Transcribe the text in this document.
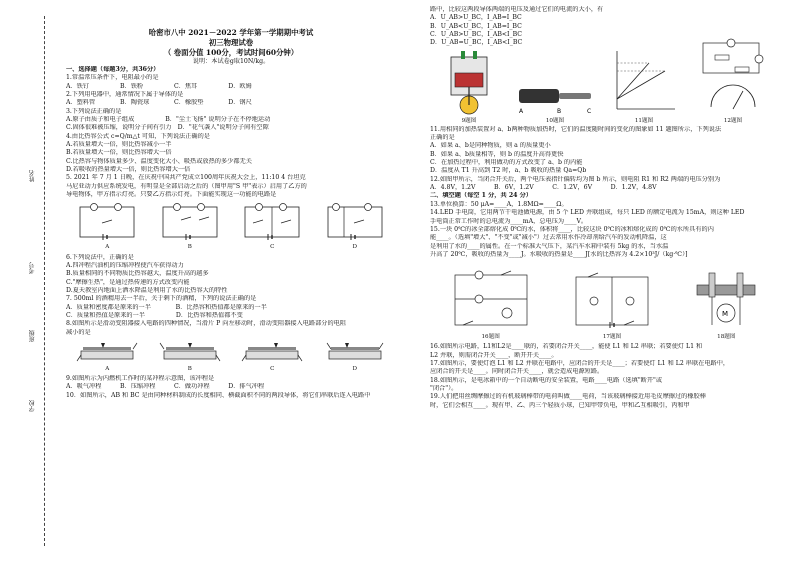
姓名
考号
班级
学校
哈密市八中 2021－2022 学年第一学期期中考试
初三物理试卷
（ 卷面分值 100分，考试时间60分钟）
说明：本试卷g取10N/kg。
一、选择题（每题3分，共36分）
1.常温常压条件下，电阻最小的是
A．铁钉　　　　　B．铁粉　　　　　C．焦耳　　　　　D．欧姆
2.下列用电器中，通常情况下属于导体的是
A．塑料管　　　　B．陶瓷球　　　　C．橡胶垫　　　　D．钢尺
3.下列说法正确的是
A.原子由质子和电子组成　　　　　B．"尘土飞扬" 说明分子在不停地运动
C.固体很难被压缩，说明分子间有引力　D．"花气袭人"说明分子间有空隙
4.由比热容公式 c=Q/m△t 可知，下列说法正确的是
A.若质量增大一倍，则比热容减小一半
B.若质量增大一倍，则比热容增大一倍
C.比热容与物体质量多少、温度变化大小、吸热或放热的多少都无关
D.若吸收的热量增大一倍，则比热容增大一倍
5. 2021 年 7 月 1 日晚，在庆祝中国共产党成立100周年庆祝大会上，11:10 4 台坦克
马尼亚动力供应系统发电，有明显是全部启动之后的（图甲用"S 甲"表示）启用了乙方的
导电物体，甲方指示灯亮。只要乙方指示灯亮。下面能实现这一功能的电路是
A	B	C	D
6.下列说法中，正确的是
A.四冲程汽油机的压缩冲程使汽车获得动力
B.质量相同的不同物质比热容越大，温度升高的越多
C."摩擦生热"，是通过热传递的方式改变内能
D.夏天教室内地面上洒水降温是利用了水的比热容大的特性
7. 500ml 的酒精用去一半后，关于剩下的酒精，下列的说法正确的是
A．质量和密度都是原来的一半　　　　B．比热容和热值都是原来的一半
C．质量和热值是原来的一半　　　　　D．比热容和热值都不变
8.如图所示是滑动变阻器接入电路的四种情况，当滑片 P 向左移动时，滑动变阻器接入电路部分的电阻
减小的是
A	B	C	D
9.如图所示为内燃机工作时的某冲程示意图，该冲程是
A．吸气冲程　　　B．压缩冲程　　　C．做功冲程　　　D．排气冲程
10．如图所示，AB 和 BC 是由同种材料制成的长度相同、横截面积不同的两段导体，将它们串联后连入电路中
路中，比较这两段导体两端的电压及通过它们的电流的大小，有
A．U_AB>U_BC，I_AB=I_BC
B．U_AB<U_BC，I_AB=I_BC
C．U_AB>U_BC，I_AB<I_BC
D．U_AB=U_BC，I_AB<I_BC
9题图
A	B	C
10题图	11题图	12题图
11.用相同的加热装置对 a、b两种物质加热时，它们的温度随时间的变化的图象如 11 题图所示，下列说法
正确的是
A．如果 a、b是同种物质，则 a 的质量更小
B．如果 a、b质量相等，则 b 的温度升高得更快
C．在加热过程中，利用做功的方式改变了 a、b 的内能
D．温度从 T1 升高到 T2 时，a、b 吸收的热量 Qa=Qb
12.如图甲所示，当闭合开关后，两个电压表指针偏转均为图 b 所示，则电阻 R1 和 R2 两端的电压分别为
A．4.8V，1.2V　　　B．6V，1.2V　　　C．1.2V，6V　　　D．1.2V，4.8V
二、填空题（每空 1 分，共 24 分）
13.单位换算：50 μA=____A，1.8MΩ=____Ω。
14.LED 手电筒，它用两节干电池做电源，由 5 个 LED 并联组成，每只 LED 的额定电流为 15mA，则这种 LED
手电筒正常工作时的总电流为____mA，总电压为____V。
15.一块 0℃的冰全部熔化成 0℃的水，体积将____，比较这块 0℃的冰和熔化成的 0℃的水所具有的内
能____。（选填"增大"、"不变"或"减小"）过去常用水作冷却剂给汽车的发动机降温，这
是利用了水的____的属性。在一个标准大气压下，某汽车水箱中装有 5kg 的水，当水温
升高了 20℃，吸收的热量为____J。水吸收的热量是____J[水的比热容为 4.2×10³J/（kg·℃）]
16题图	17题图
M
18题图
16.如图所示电路，L1和L2是____联的，若要闭合开关____，能使 L1 和 L2 串联；若要使灯 L1 和
L2 并联，则需闭合开关____，断开开关____。
17.如图所示，要使灯泡 L1 和 L2 并联在电路中，应闭合的开关是____；若要使灯 L1 和 L2 串联在电路中，
应闭合的开关是____。同时闭合开关____，就会造成电源短路。
18.如图所示，是电冰箱中的一个自动断电的安全装置，电路____电路（选填"断开"或
"闭合"）。
19.人们把用丝绸摩擦过的有机玻璃棒带的电荷叫做____电荷，当该玻璃棒接近用毛皮摩擦过的橡胶棒
时，它们会相互____。现有甲、乙、丙三个轻质小球，已知甲带负电，甲和乙互相吸引，丙和甲
